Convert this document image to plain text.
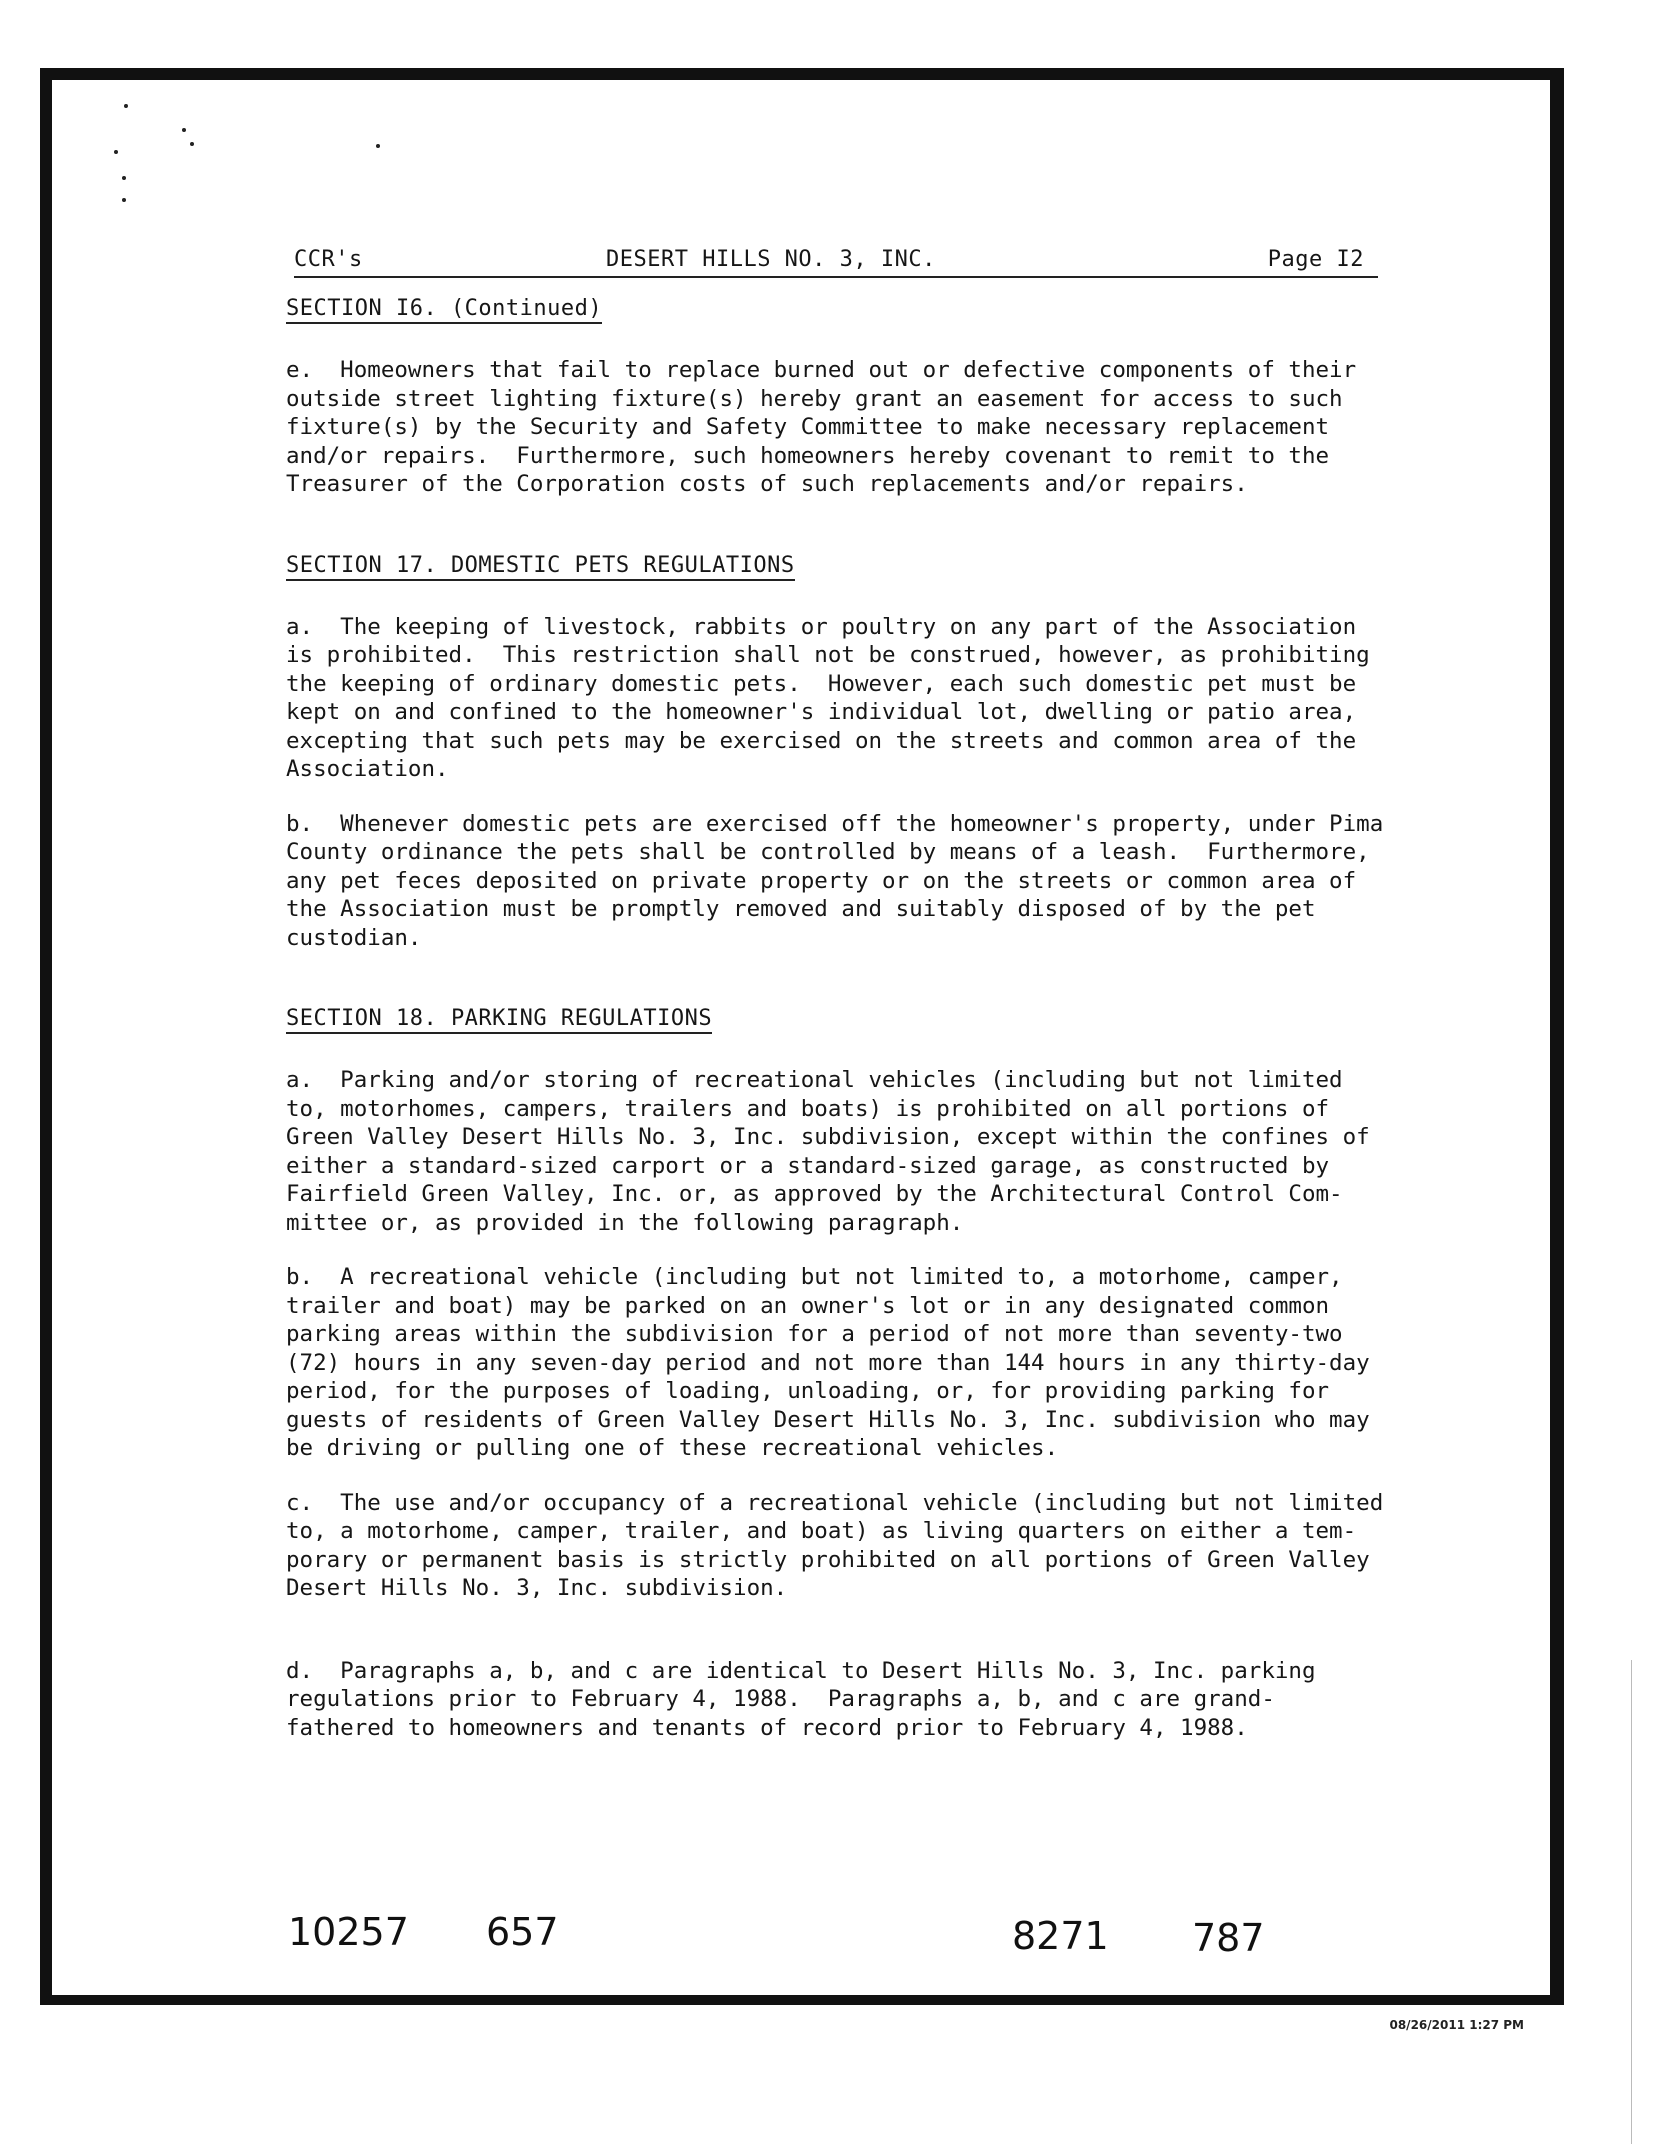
CCR's	DESERT HILLS NO. 3, INC.	Page I2
SECTION I6. (Continued)

e.  Homeowners that fail to replace burned out or defective components of their
outside street lighting fixture(s) hereby grant an easement for access to such
fixture(s) by the Security and Safety Committee to make necessary replacement
and/or repairs.  Furthermore, such homeowners hereby covenant to remit to the
Treasurer of the Corporation costs of such replacements and/or repairs.

SECTION 17. DOMESTIC PETS REGULATIONS

a.  The keeping of livestock, rabbits or poultry on any part of the Association
is prohibited.  This restriction shall not be construed, however, as prohibiting
the keeping of ordinary domestic pets.  However, each such domestic pet must be
kept on and confined to the homeowner's individual lot, dwelling or patio area,
excepting that such pets may be exercised on the streets and common area of the
Association.

b.  Whenever domestic pets are exercised off the homeowner's property, under Pima
County ordinance the pets shall be controlled by means of a leash.  Furthermore,
any pet feces deposited on private property or on the streets or common area of
the Association must be promptly removed and suitably disposed of by the pet
custodian.

SECTION 18. PARKING REGULATIONS

a.  Parking and/or storing of recreational vehicles (including but not limited
to, motorhomes, campers, trailers and boats) is prohibited on all portions of
Green Valley Desert Hills No. 3, Inc. subdivision, except within the confines of
either a standard-sized carport or a standard-sized garage, as constructed by
Fairfield Green Valley, Inc. or, as approved by the Architectural Control Com-
mittee or, as provided in the following paragraph.

b.  A recreational vehicle (including but not limited to, a motorhome, camper,
trailer and boat) may be parked on an owner's lot or in any designated common
parking areas within the subdivision for a period of not more than seventy-two
(72) hours in any seven-day period and not more than 144 hours in any thirty-day
period, for the purposes of loading, unloading, or, for providing parking for
guests of residents of Green Valley Desert Hills No. 3, Inc. subdivision who may
be driving or pulling one of these recreational vehicles.

c.  The use and/or occupancy of a recreational vehicle (including but not limited
to, a motorhome, camper, trailer, and boat) as living quarters on either a tem-
porary or permanent basis is strictly prohibited on all portions of Green Valley
Desert Hills No. 3, Inc. subdivision.

d.  Paragraphs a, b, and c are identical to Desert Hills No. 3, Inc. parking
regulations prior to February 4, 1988.  Paragraphs a, b, and c are grand-
fathered to homeowners and tenants of record prior to February 4, 1988.

10257 657	8271 787
08/26/2011 1:27 PM
